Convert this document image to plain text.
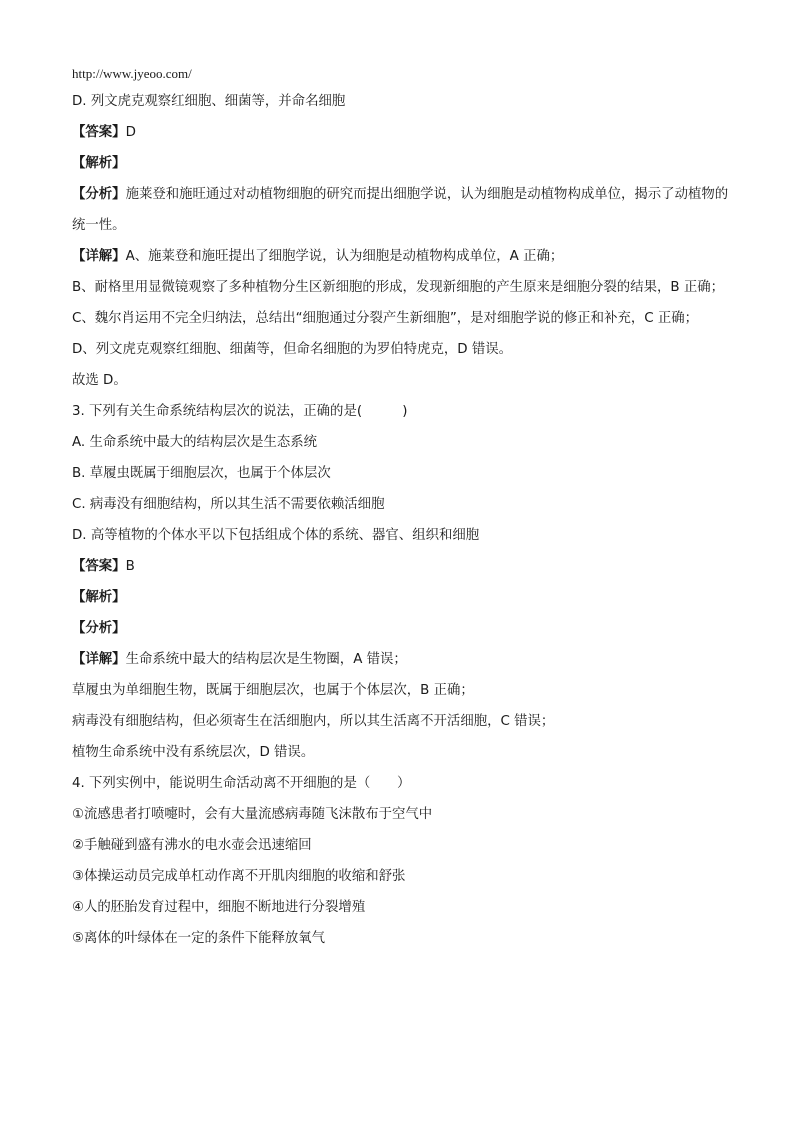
http://www.jyeoo.com/
D. 列文虎克观察红细胞、细菌等，并命名细胞
【答案】D
【解析】
【分析】施莱登和施旺通过对动植物细胞的研究而提出细胞学说，认为细胞是动植物构成单位，揭示了动植物的统一性。
【详解】A、施莱登和施旺提出了细胞学说，认为细胞是动植物构成单位，A 正确；
B、耐格里用显微镜观察了多种植物分生区新细胞的形成，发现新细胞的产生原来是细胞分裂的结果，B 正确；
C、魏尔肖运用不完全归纳法，总结出“细胞通过分裂产生新细胞”，是对细胞学说的修正和补充，C 正确；
D、列文虎克观察红细胞、细菌等，但命名细胞的为罗伯特虎克，D 错误。
故选 D。
3. 下列有关生命系统结构层次的说法，正确的是(　　　)
A. 生命系统中最大的结构层次是生态系统
B. 草履虫既属于细胞层次，也属于个体层次
C. 病毒没有细胞结构，所以其生活不需要依赖活细胞
D. 高等植物的个体水平以下包括组成个体的系统、器官、组织和细胞
【答案】B
【解析】
【分析】
【详解】生命系统中最大的结构层次是生物圈，A 错误；
草履虫为单细胞生物，既属于细胞层次，也属于个体层次，B 正确；
病毒没有细胞结构，但必须寄生在活细胞内，所以其生活离不开活细胞，C 错误；
植物生命系统中没有系统层次，D 错误。
4. 下列实例中，能说明生命活动离不开细胞的是（　　）
①流感患者打喷嚏时，会有大量流感病毒随飞沫散布于空气中
②手触碰到盛有沸水的电水壶会迅速缩回
③体操运动员完成单杠动作离不开肌肉细胞的收缩和舒张
④人的胚胎发育过程中，细胞不断地进行分裂增殖
⑤离体的叶绿体在一定的条件下能释放氧气
